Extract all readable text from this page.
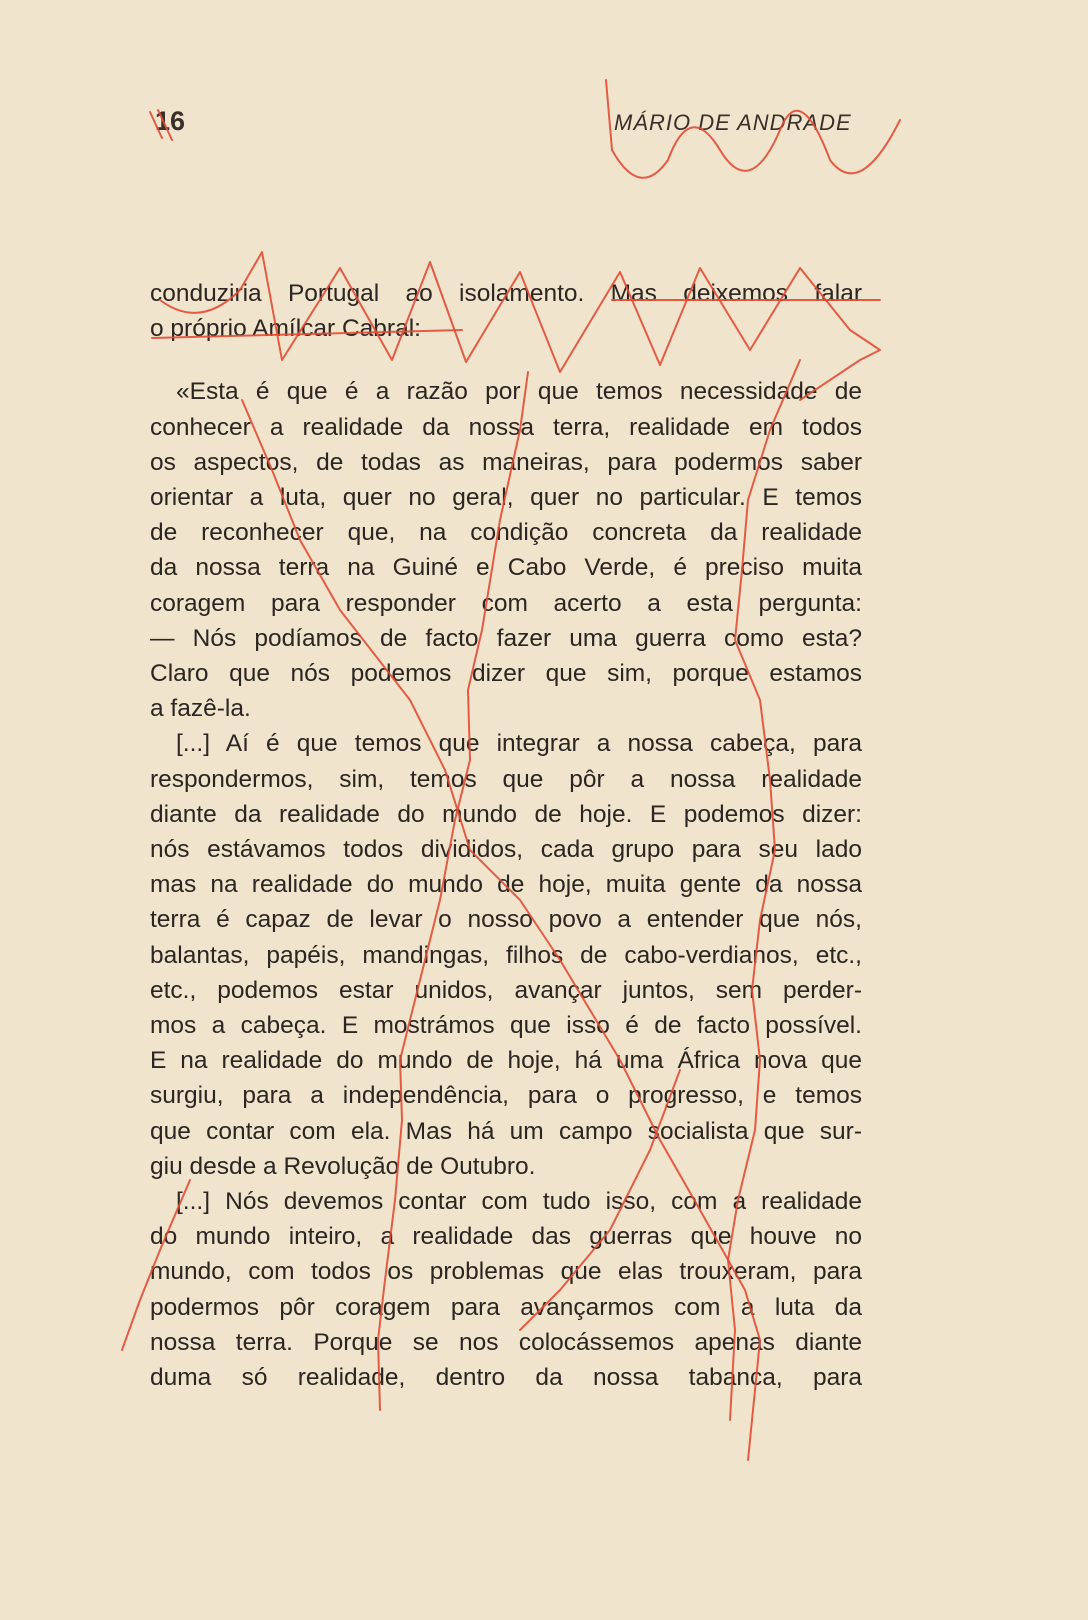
16	MÁRIO DE ANDRADE

conduziria Portugal ao isolamento. Mas deixemos falar
o próprio Amílcar Cabral:

«Esta é que é a razão por que temos necessidade de
conhecer a realidade da nossa terra, realidade em todos
os aspectos, de todas as maneiras, para podermos saber
orientar a luta, quer no geral, quer no particular. E temos
de reconhecer que, na condição concreta da realidade
da nossa terra na Guiné e Cabo Verde, é preciso muita
coragem para responder com acerto a esta pergunta:
— Nós podíamos de facto fazer uma guerra como esta?
Claro que nós podemos dizer que sim, porque estamos
a fazê-la.

[...] Aí é que temos que integrar a nossa cabeça, para
respondermos, sim, temos que pôr a nossa realidade
diante da realidade do mundo de hoje. E podemos dizer:
nós estávamos todos divididos, cada grupo para seu lado
mas na realidade do mundo de hoje, muita gente da nossa
terra é capaz de levar o nosso povo a entender que nós,
balantas, papéis, mandingas, filhos de cabo-verdianos, etc.,
etc., podemos estar unidos, avançar juntos, sem perder-
mos a cabeça. E mostrámos que isso é de facto possível.
E na realidade do mundo de hoje, há uma África nova que
surgiu, para a independência, para o progresso, e temos
que contar com ela. Mas há um campo socialista que sur-
giu desde a Revolução de Outubro.

[...] Nós devemos contar com tudo isso, com a realidade
do mundo inteiro, a realidade das guerras que houve no
mundo, com todos os problemas que elas trouxeram, para
podermos pôr coragem para avançarmos com a luta da
nossa terra. Porque se nos colocássemos apenas diante
duma só realidade, dentro da nossa tabanca, para
